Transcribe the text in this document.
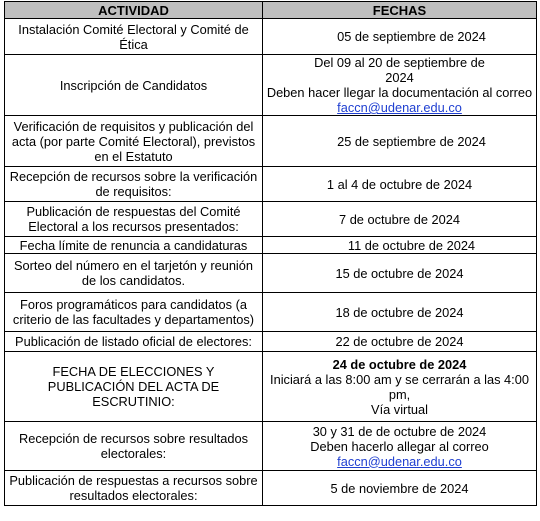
ACTIVIDAD	FECHAS
Instalación Comité Electoral y Comité de Ética	05 de septiembre de 2024
Inscripción de Candidatos	Del 09 al 20 de septiembre de
2024
Deben hacer llegar la documentación al correo
faccn@udenar.edu.co

Verificación de requisitos y publicación del acta (por parte Comité Electoral), previstos en el Estatuto	25 de septiembre de 2024
Recepción de recursos sobre la verificación de requisitos:	1 al 4 de octubre de 2024
Publicación de respuestas del Comité Electoral a los recursos presentados:	7 de octubre de 2024
Fecha límite de renuncia a candidaturas	11 de octubre de 2024
Sorteo del número en el tarjetón y reunión de los candidatos.	15 de octubre de 2024
Foros programáticos para candidatos (a criterio de las facultades y departamentos)	18 de octubre de 2024
Publicación de listado oficial de electores:	22 de octubre de 2024
FECHA DE ELECCIONES Y PUBLICACIÓN DEL ACTA DE ESCRUTINIO:	24 de octubre de 2024
Iniciará a las 8:00 am y se cerrarán a las 4:00 pm,
Vía virtual

Recepción de recursos sobre resultados electorales:	30 y 31 de de octubre de 2024
Deben hacerlo allegar al correo
faccn@udenar.edu.co

Publicación de respuestas a recursos sobre resultados electorales:	5 de noviembre de 2024
